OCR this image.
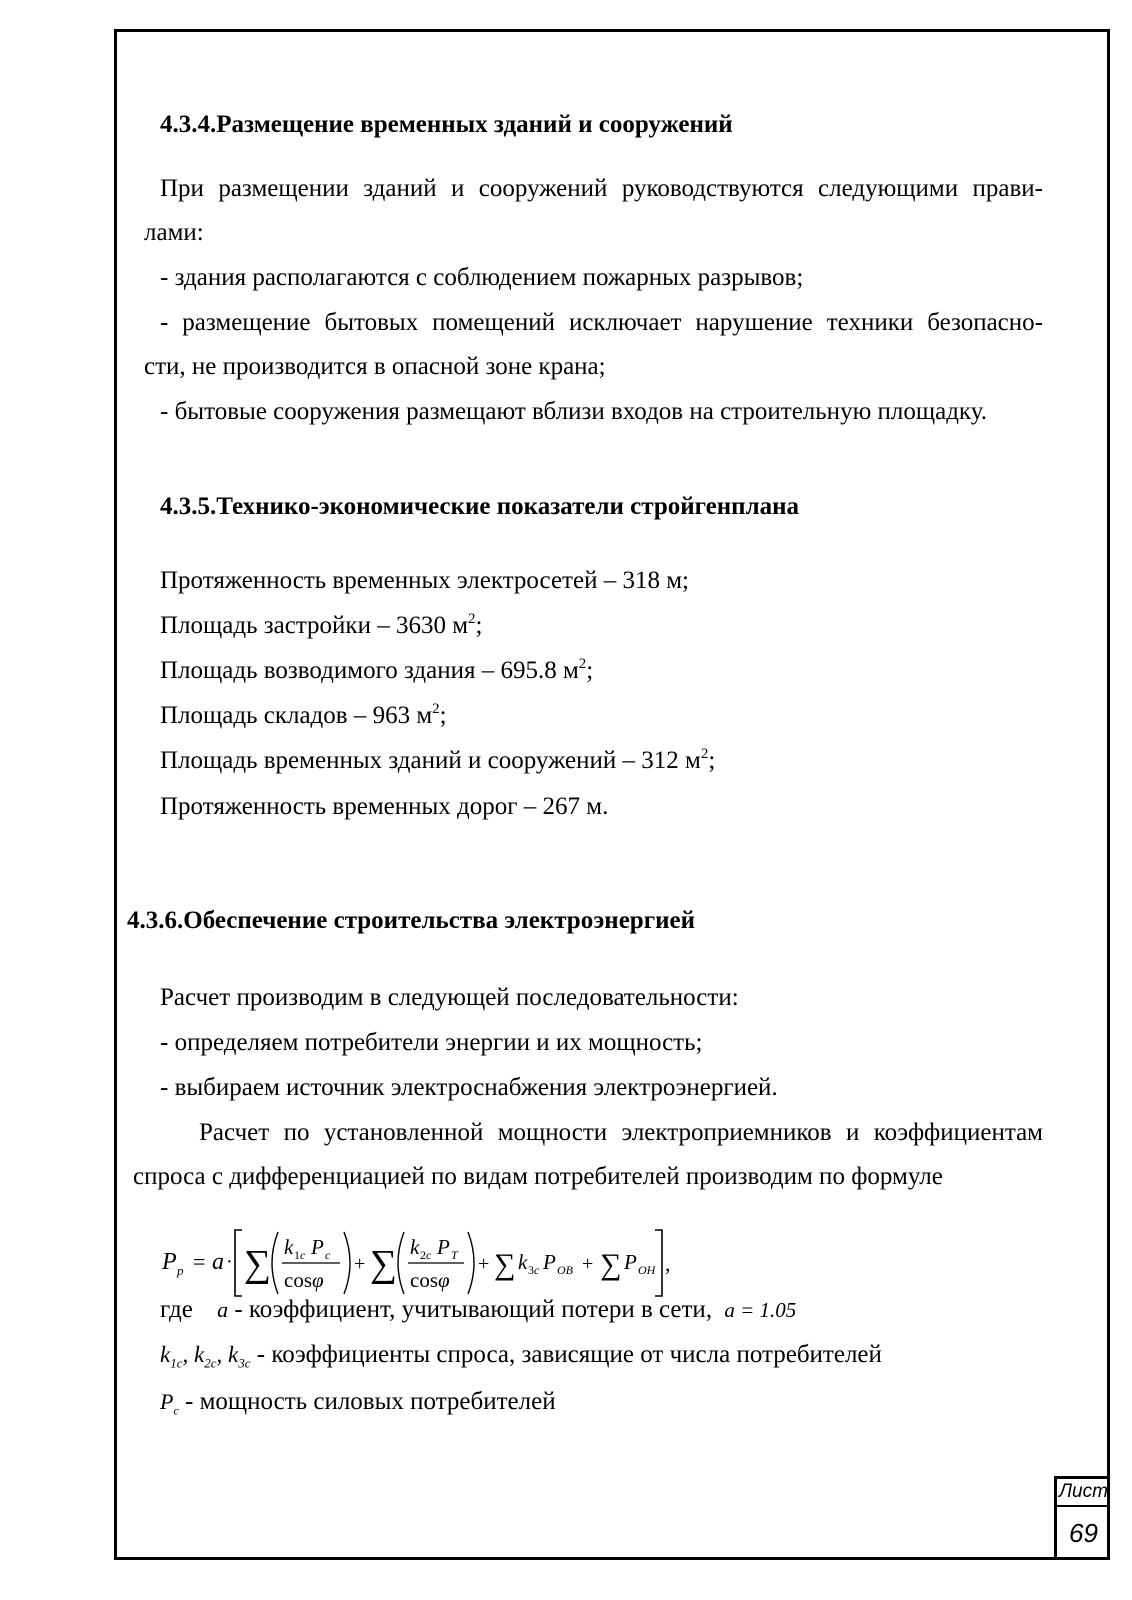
4.3.4.Размещение временных зданий и сооружений
При размещении зданий и сооружений руководствуются следующими прави-
лами:
- здания располагаются с соблюдением пожарных разрывов;
- размещение бытовых помещений исключает нарушение техники безопасно-
сти, не производится в опасной зоне крана;
- бытовые сооружения размещают вблизи входов на строительную площадку.
4.3.5.Технико-экономические показатели стройгенплана
Протяженность временных электросетей – 318 м;
Площадь застройки – 3630 $м^2$;
Площадь возводимого здания – 695.8 $м^2$;
Площадь складов – 963 $м^2$;
Площадь временных зданий и сооружений – 312 $м^2$;
Протяженность временных дорог – 267 м.
4.3.6.Обеспечение строительства электроэнергией
Расчет производим в следующей последовательности:
- определяем потребители энергии и их мощность;
- выбираем источник электроснабжения электроэнергией.
Расчет по установленной мощности электроприемников и коэффициентам
спроса с дифференциацией по видам потребителей производим по формуле
P p = a · ∑ k 1c P c
cosφ
+ ∑ k 2c P T
cosφ
+ ∑ k 3c P OB + ∑ P OH ,
где a - коэффициент, учитывающий потери в сети, a = 1.05
$k_{1c}$, $k_{2c}$, $k_{3c}$ - коэффициенты спроса, зависящие от числа потребителей
$P_c$ - мощность силовых потребителей
Лист
69
